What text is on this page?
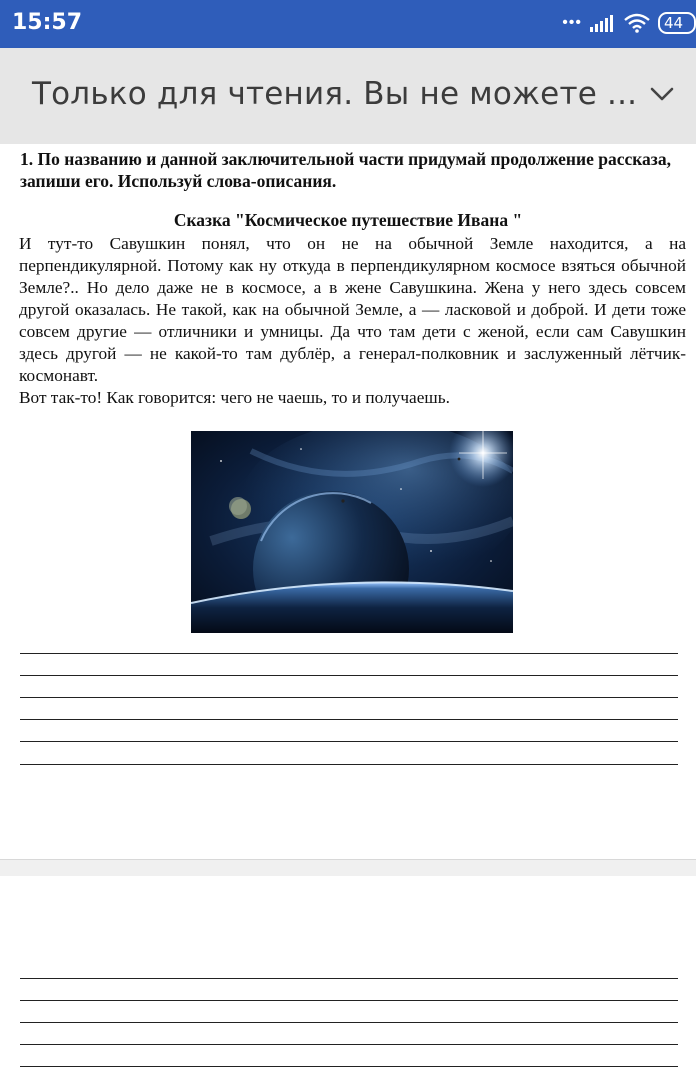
15:57	•••	44
Только для чтения. Вы не можете ...
1. По названию и данной заключительной части придумай продолжение рассказа, запиши его. Используй слова-описания.
Сказка "Космическое путешествие Ивана "

И тут-то Савушкин понял, что он не на обычной Земле находится, а на перпендикулярной. Потому как ну откуда в перпендикулярном космосе взяться обычной Земле?.. Но дело даже не в космосе, а в жене Савушкина. Жена у него здесь совсем другой оказалась. Не такой, как на обычной Земле, а — ласковой и доброй. И дети тоже совсем другие — отличники и умницы. Да что там дети с женой, если сам Савушкин здесь другой — не какой-то там дублёр, а генерал-полковник и заслуженный лётчик-космонавт.

Вот так-то! Как говорится: чего не чаешь, то и получаешь.
